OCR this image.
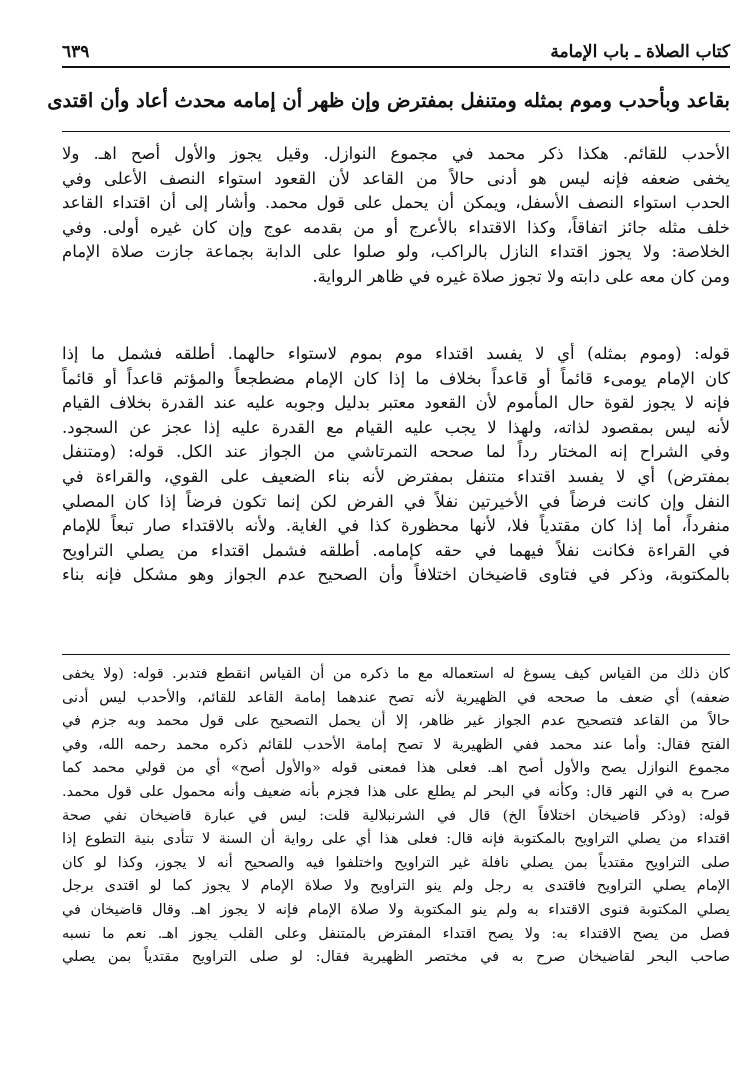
كتاب الصلاة ـ باب الإمامة
٦٣٩
بقاعد وبأحدب وموم بمثله ومتنفل بمفترض وإن ظهر أن إمامه محدث أعاد وأن اقتدى
الأحدب للقائم. هكذا ذكر محمد في مجموع النوازل. وقيل يجوز والأول أصح اهـ. ولا
يخفى ضعفه فإنه ليس هو أدنى حالاً من القاعد لأن القعود استواء النصف الأعلى وفي
الحدب استواء النصف الأسفل، ويمكن أن يحمل على قول محمد. وأشار إلى أن اقتداء القاعد
خلف مثله جائز اتفاقاً، وكذا الاقتداء بالأعرج أو من بقدمه عوج وإن كان غيره أولى. وفي
الخلاصة: ولا يجوز اقتداء النازل بالراكب، ولو صلوا على الدابة بجماعة جازت صلاة الإمام
ومن كان معه على دابته ولا تجوز صلاة غيره في ظاهر الرواية.
قوله: (وموم بمثله) أي لا يفسد اقتداء موم بموم لاستواء حالهما. أطلقه فشمل ما إذا
كان الإمام يومىء قائماً أو قاعداً بخلاف ما إذا كان الإمام مضطجعاً والمؤتم قاعداً أو قائماً
فإنه لا يجوز لقوة حال المأموم لأن القعود معتبر بدليل وجوبه عليه عند القدرة بخلاف القيام
لأنه ليس بمقصود لذاته، ولهذا لا يجب عليه القيام مع القدرة عليه إذا عجز عن السجود.
وفي الشراح إنه المختار رداً لما صححه التمرتاشي من الجواز عند الكل. قوله: (ومتنفل
بمفترض) أي لا يفسد اقتداء متنفل بمفترض لأنه بناء الضعيف على القوي، والقراءة في
النفل وإن كانت فرضاً في الأخيرتين نفلاً في الفرض لكن إنما تكون فرضاً إذا كان المصلي
منفرداً، أما إذا كان مقتدياً فلا، لأنها محظورة كذا في الغاية. ولأنه بالاقتداء صار تبعاً للإمام
في القراءة فكانت نفلاً فيهما في حقه كإمامه. أطلقه فشمل اقتداء من يصلي التراويح
بالمكتوبة، وذكر في فتاوى قاضيخان اختلافاً وأن الصحيح عدم الجواز وهو مشكل فإنه بناء
كان ذلك من القياس كيف يسوغ له استعماله مع ما ذكره من أن القياس انقطع فتدبر. قوله: (ولا يخفى
ضعفه) أي ضعف ما صححه في الظهيرية لأنه تصح عندهما إمامة القاعد للقائم، والأحدب ليس أدنى
حالاً من القاعد فتصحيح عدم الجواز غير ظاهر، إلا أن يحمل التصحيح على قول محمد وبه جزم في
الفتح فقال: وأما عند محمد ففي الظهيرية لا تصح إمامة الأحدب للقائم ذكره محمد رحمه الله، وفي
مجموع النوازل يصح والأول أصح اهـ. فعلى هذا فمعنى قوله «والأول أصح» أي من قولي محمد كما
صرح به في النهر قال: وكأنه في البحر لم يطلع على هذا فجزم بأنه ضعيف وأنه محمول على قول محمد.
قوله: (وذكر قاضيخان اختلافاً الخ) قال في الشرنبلالية قلت: ليس في عبارة قاضيخان نفي صحة
اقتداء من يصلي التراويح بالمكتوبة فإنه قال: فعلى هذا أي على رواية أن السنة لا تتأدى بنية التطوع إذا
صلى التراويح مقتدياً بمن يصلي نافلة غير التراويح واختلفوا فيه والصحيح أنه لا يجوز، وكذا لو كان
الإمام يصلي التراويح فاقتدى به رجل ولم ينو التراويح ولا صلاة الإمام لا يجوز كما لو اقتدى برجل
يصلي المكتوبة فنوى الاقتداء به ولم ينو المكتوبة ولا صلاة الإمام فإنه لا يجوز اهـ. وقال قاضيخان في
فصل من يصح الاقتداء به: ولا يصح اقتداء المفترض بالمتنفل وعلى القلب يجوز اهـ. نعم ما نسبه
صاحب البحر لقاضيخان صرح به في مختصر الظهيرية فقال: لو صلى التراويح مقتدياً بمن يصلي
